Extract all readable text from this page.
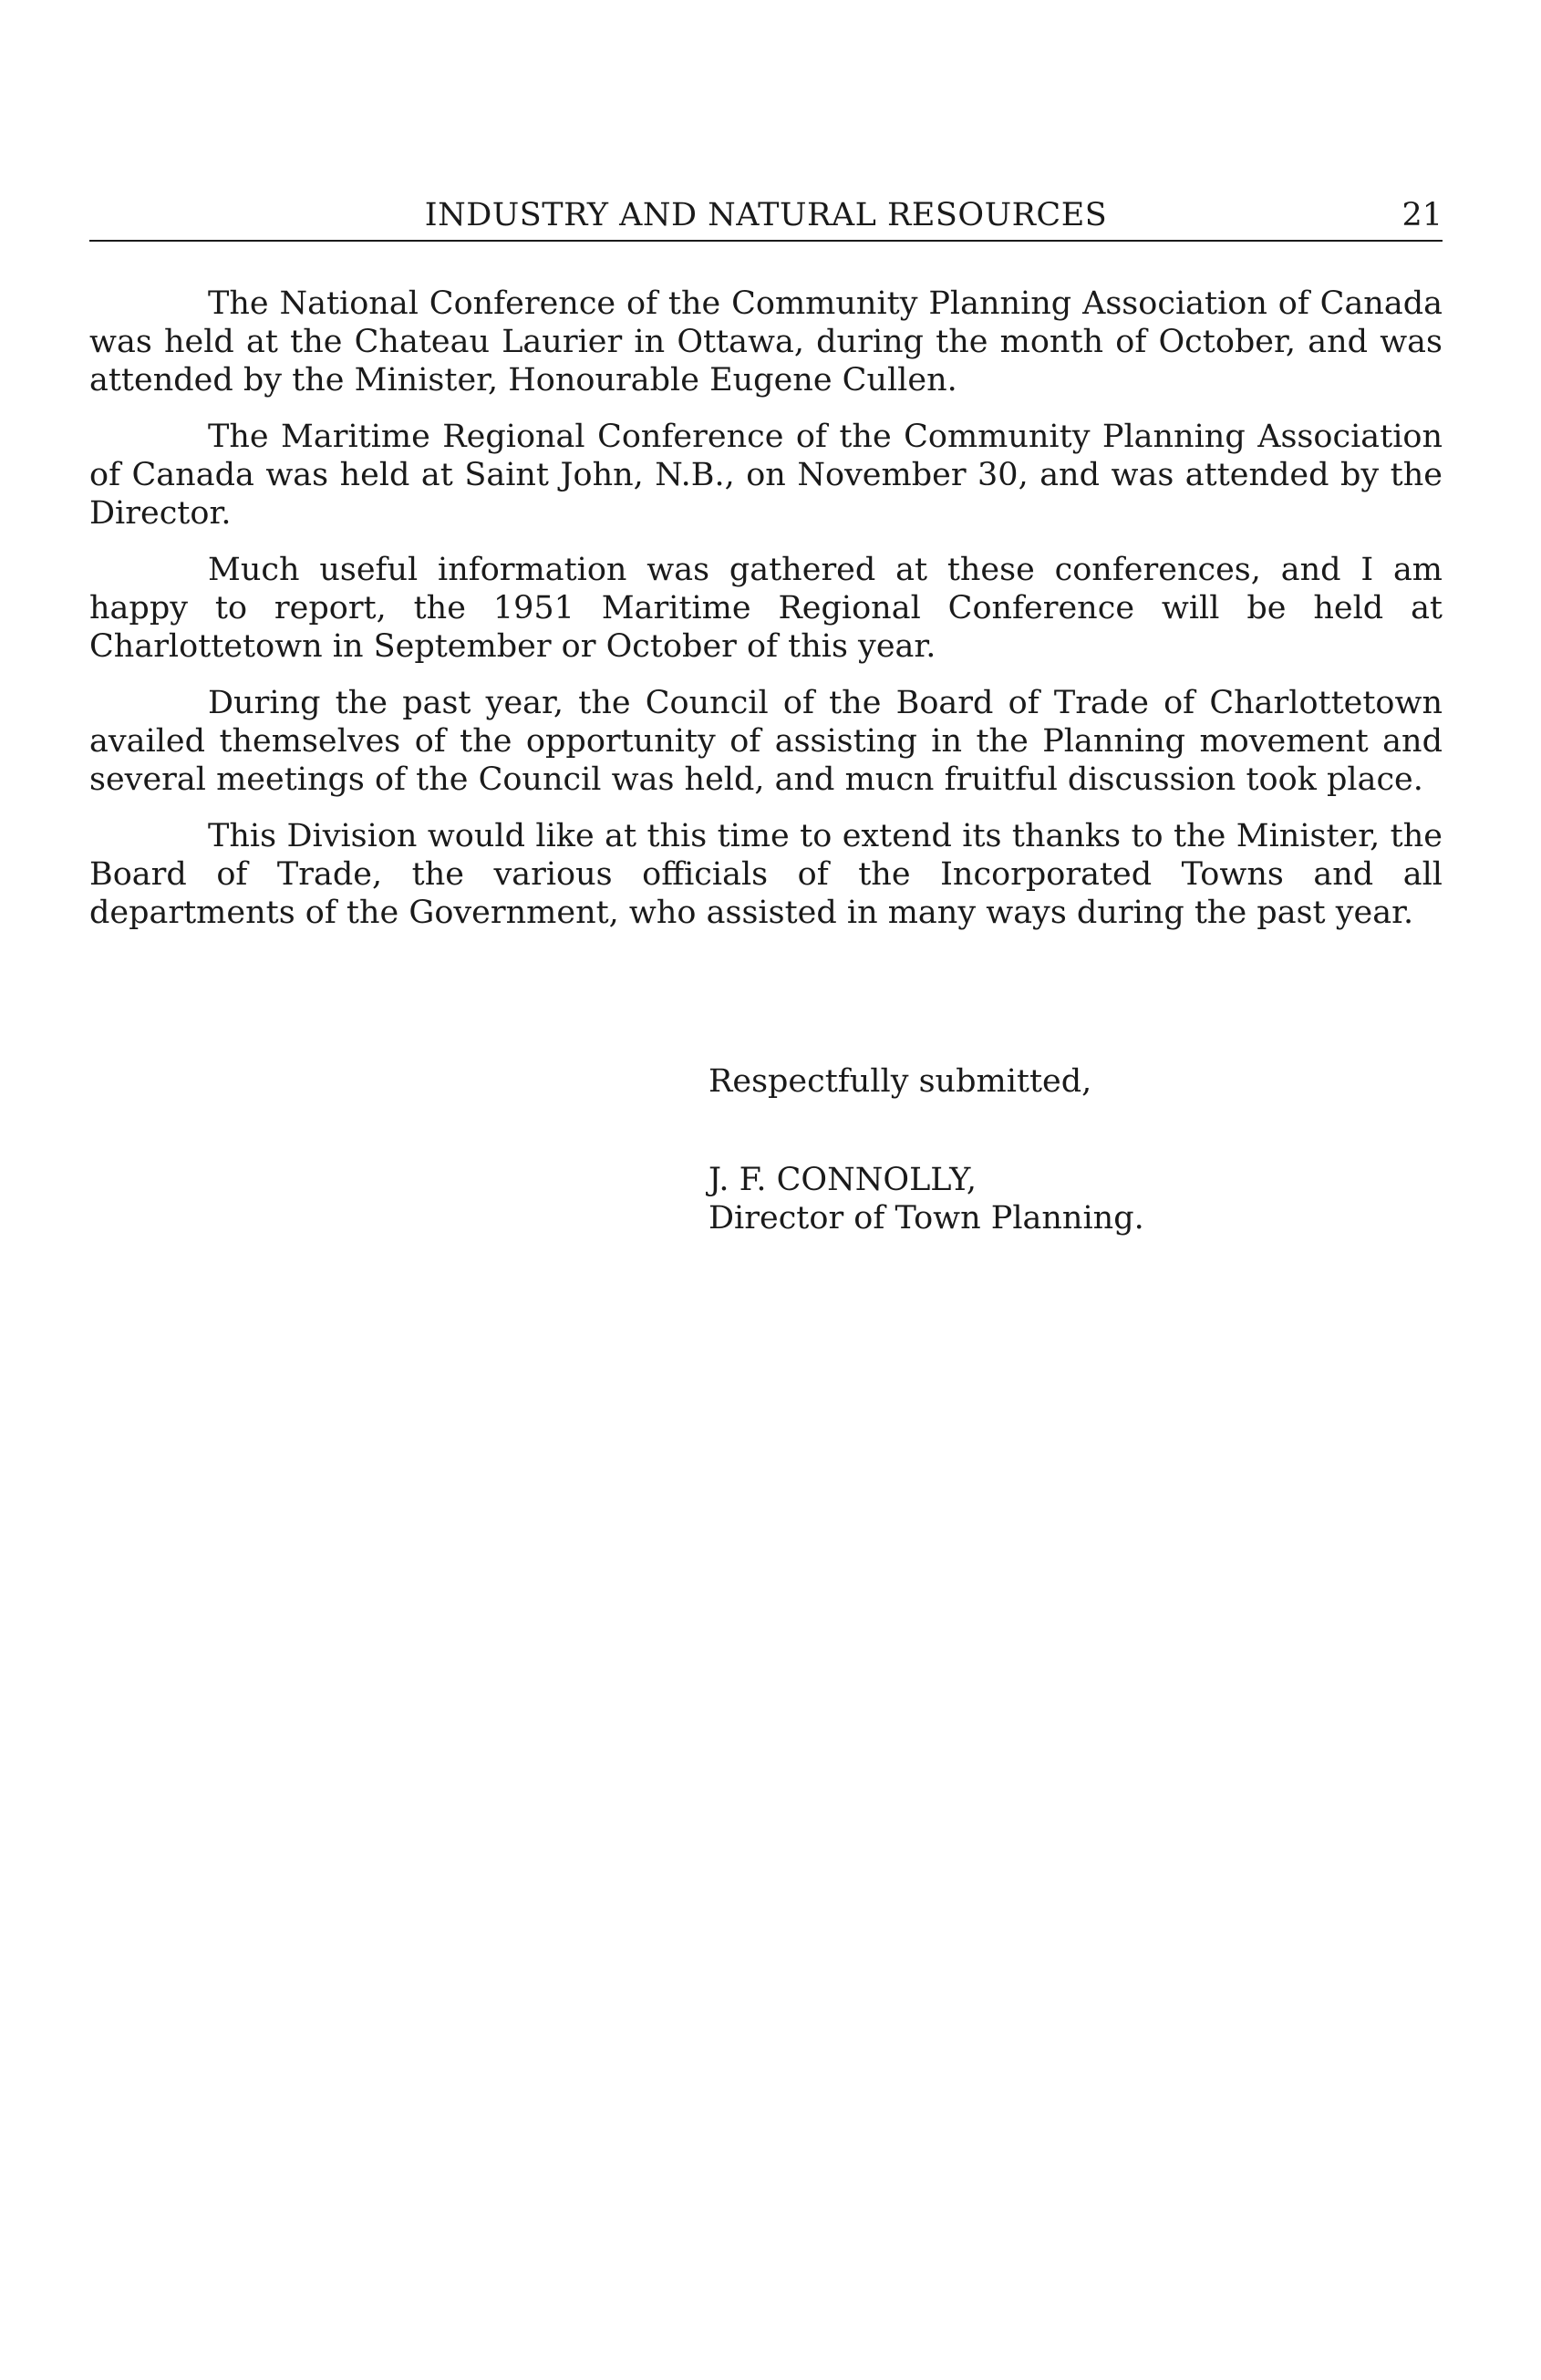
INDUSTRY AND NATURAL RESOURCES	21

The National Conference of the Community Planning Association of Canada was held at the Chateau Laurier in Ottawa, during the month of October, and was attended by the Minister, Honourable Eugene Cullen.

The Maritime Regional Conference of the Community Planning Association of Canada was held at Saint John, N.B., on November 30, and was attended by the Director.

Much useful information was gathered at these conferences, and I am happy to report, the 1951 Maritime Regional Conference will be held at Charlottetown in September or October of this year.

During the past year, the Council of the Board of Trade of Charlottetown availed themselves of the opportunity of assisting in the Planning movement and several meetings of the Council was held, and mucn fruitful discussion took place.

This Division would like at this time to extend its thanks to the Minister, the Board of Trade, the various officials of the Incorporated Towns and all departments of the Government, who assisted in many ways during the past year.

Respectfully submitted,
J. F. CONNOLLY,
Director of Town Planning.
